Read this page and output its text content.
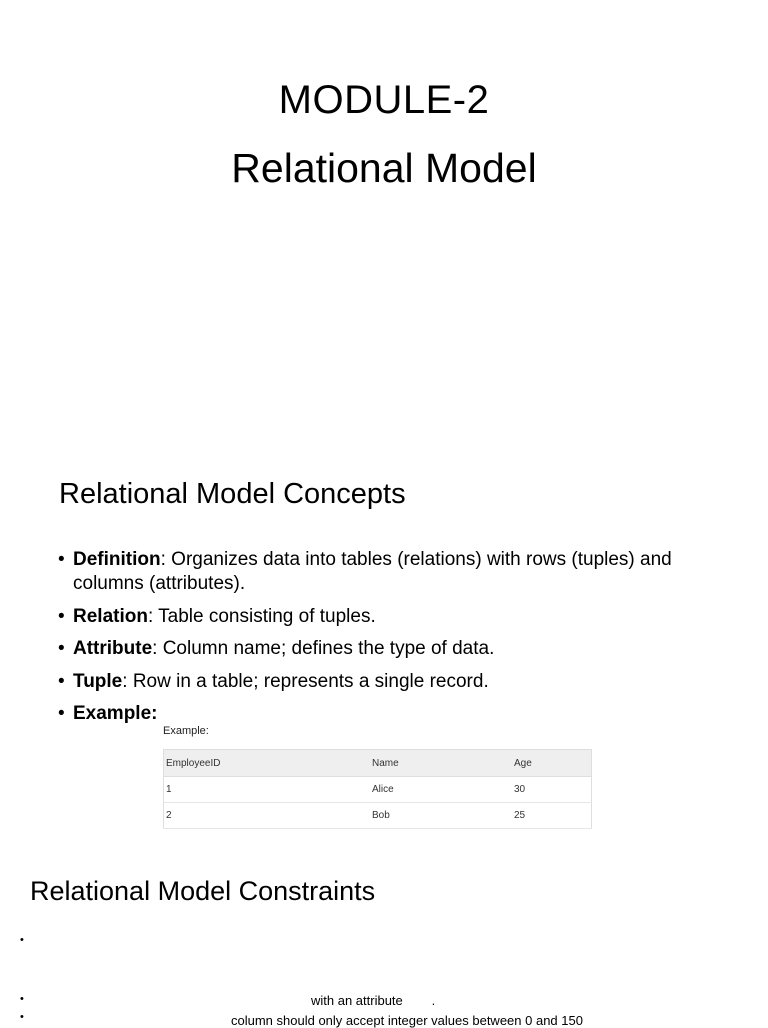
MODULE-2
Relational Model
Relational Model Concepts
• Definition: Organizes data into tables (relations) with rows (tuples) and columns (attributes).
• Relation: Table consisting of tuples.
• Attribute: Column name; defines the type of data.
• Tuple: Row in a table; represents a single record.
• Example:
Example:
EmployeeID	Name	Age
1	Alice	30
2	Bob	25
Relational Model Constraints
•
•
•
with an attribute        .
column should only accept integer values between 0 and 150
